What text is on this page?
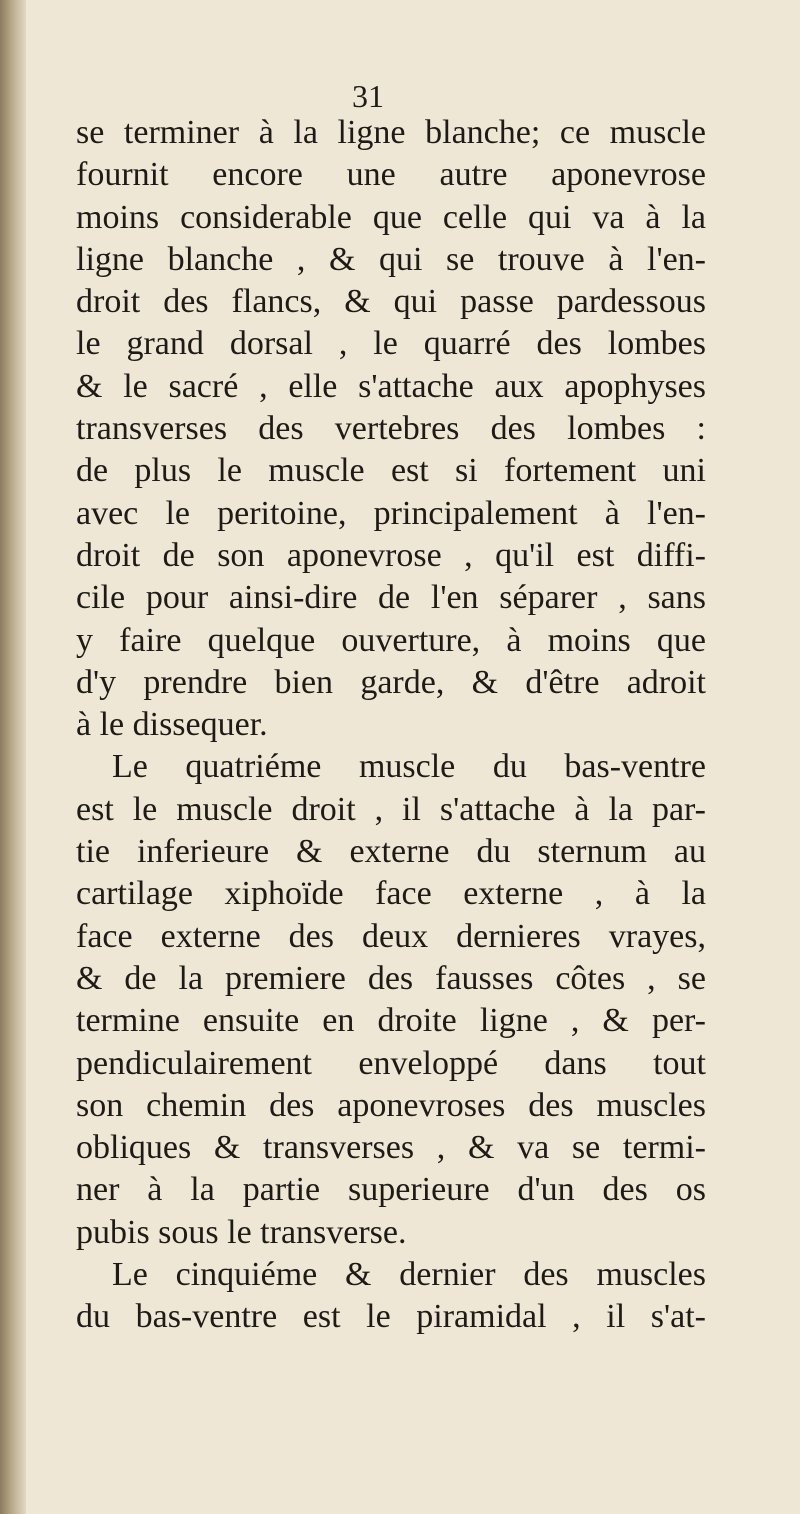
31
se terminer à la ligne blanche; ce muscle
fournit encore une autre aponevrose
moins considerable que celle qui va à la
ligne blanche , & qui se trouve à l'en-
droit des flancs, & qui passe pardessous
le grand dorsal , le quarré des lombes
& le sacré , elle s'attache aux apophyses
transverses des vertebres des lombes :
de plus le muscle est si fortement uni
avec le peritoine, principalement à l'en-
droit de son aponevrose , qu'il est diffi-
cile pour ainsi-dire de l'en séparer , sans
y faire quelque ouverture, à moins que
d'y prendre bien garde, & d'être adroit
à le dissequer.
Le quatriéme muscle du bas-ventre
est le muscle droit , il s'attache à la par-
tie inferieure & externe du sternum au
cartilage xiphoïde face externe , à la
face externe des deux dernieres vrayes,
& de la premiere des fausses côtes , se
termine ensuite en droite ligne , & per-
pendiculairement enveloppé dans tout
son chemin des aponevroses des muscles
obliques & transverses , & va se termi-
ner à la partie superieure d'un des os
pubis sous le transverse.
Le cinquiéme & dernier des muscles
du bas-ventre est le piramidal , il s'at-
